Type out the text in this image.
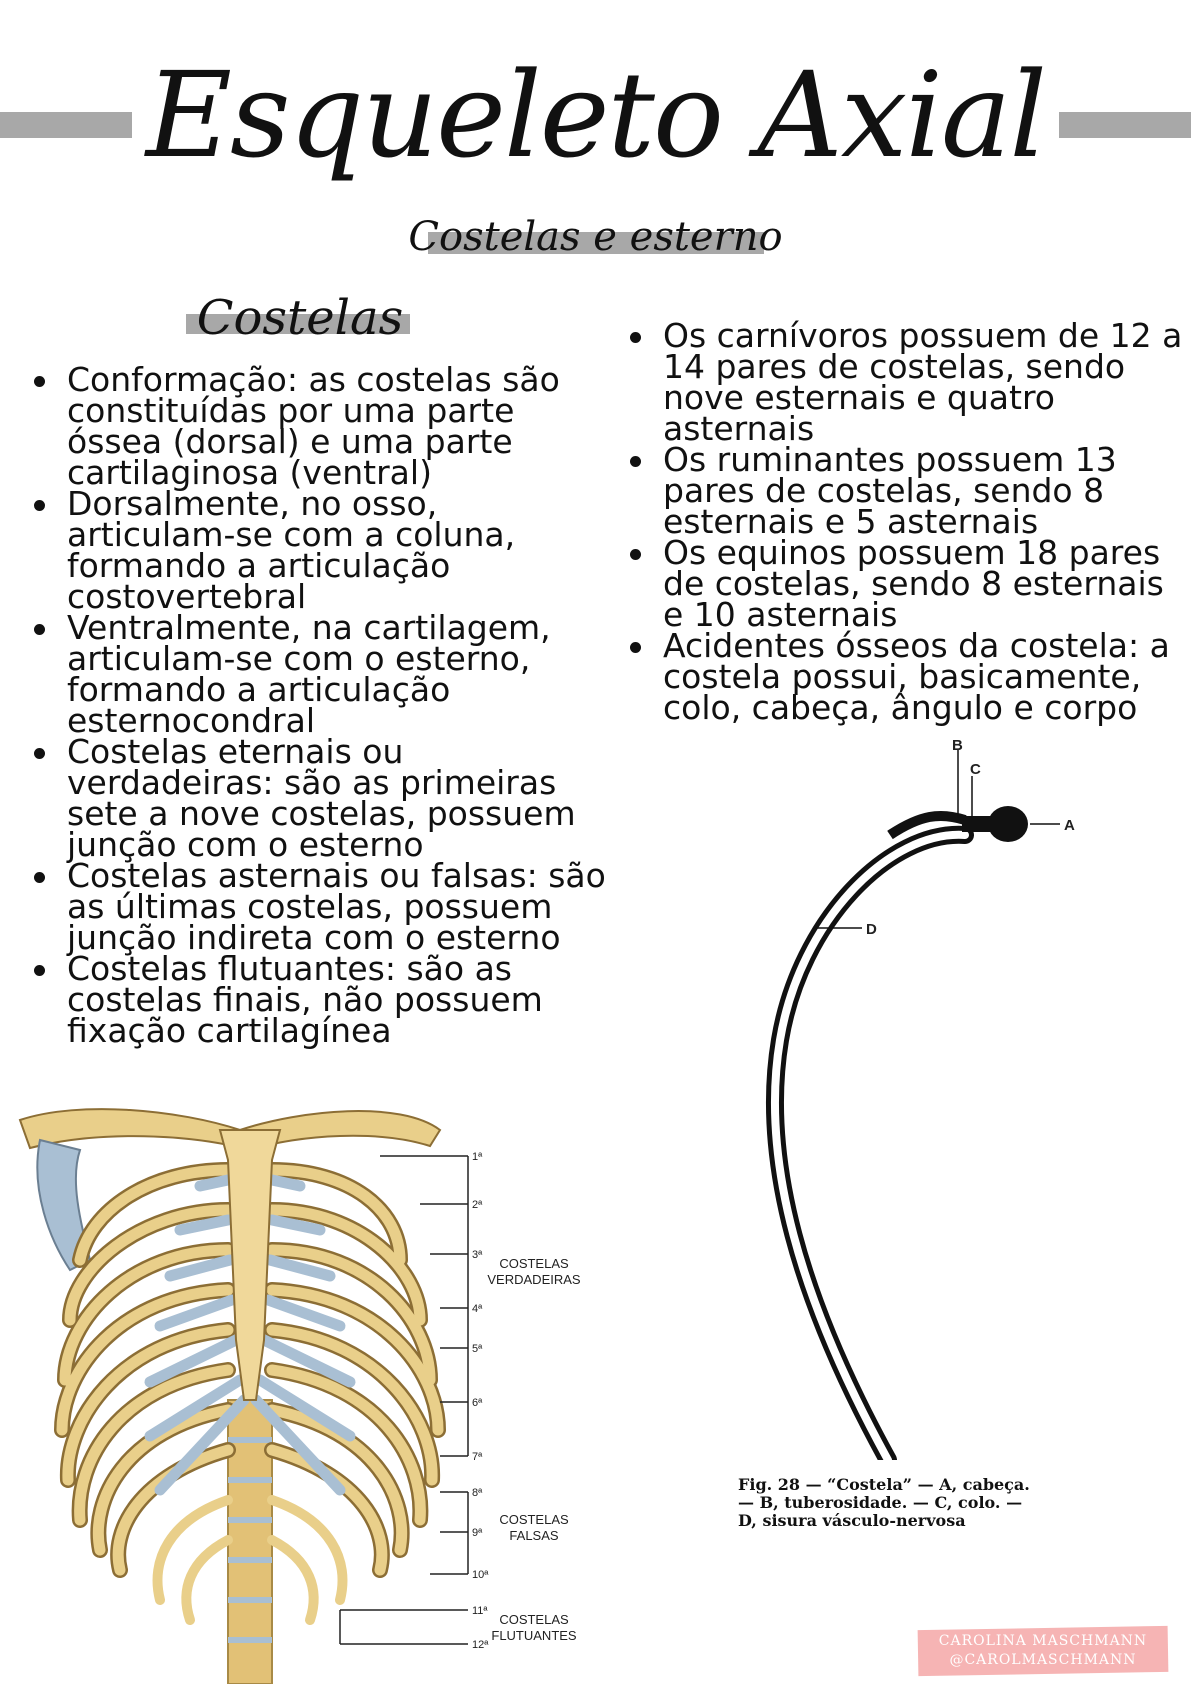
Esqueleto Axial
Costelas e esterno
Costelas
Conformação: as costelas são constituídas por uma parte óssea (dorsal) e uma parte cartilaginosa (ventral)
Dorsalmente, no osso, articulam-se com a coluna, formando a articulação costovertebral
Ventralmente, na cartilagem, articulam-se com o esterno, formando a articulação esternocondral
Costelas eternais ou verdadeiras: são as primeiras sete a nove costelas, possuem junção com o esterno
Costelas asternais ou falsas: são as últimas costelas, possuem junção indireta com o esterno
Costelas flutuantes: são as costelas finais, não possuem fixação cartilagínea
Os carnívoros possuem de 12 a 14 pares de costelas, sendo nove esternais e quatro asternais
Os ruminantes possuem 13 pares de costelas, sendo 8 esternais e 5 asternais
Os equinos possuem 18 pares de costelas, sendo 8 esternais e 10 asternais
Acidentes ósseos da costela: a costela possui, basicamente, colo, cabeça, ângulo e corpo
1ª
2ª
3ª
4ª
5ª
6ª
7ª
8ª
9ª
10ª
11ª
12ª
COSTELAS VERDADEIRAS
COSTELAS FALSAS
COSTELAS FLUTUANTES
A
B
C
D
Fig. 28 — “Costela” — A, cabeça. — B, tuberosidade. — C, colo. — D, sisura vásculo-nervosa
CAROLINA MASCHMANN
@CAROLMASCHMANN
